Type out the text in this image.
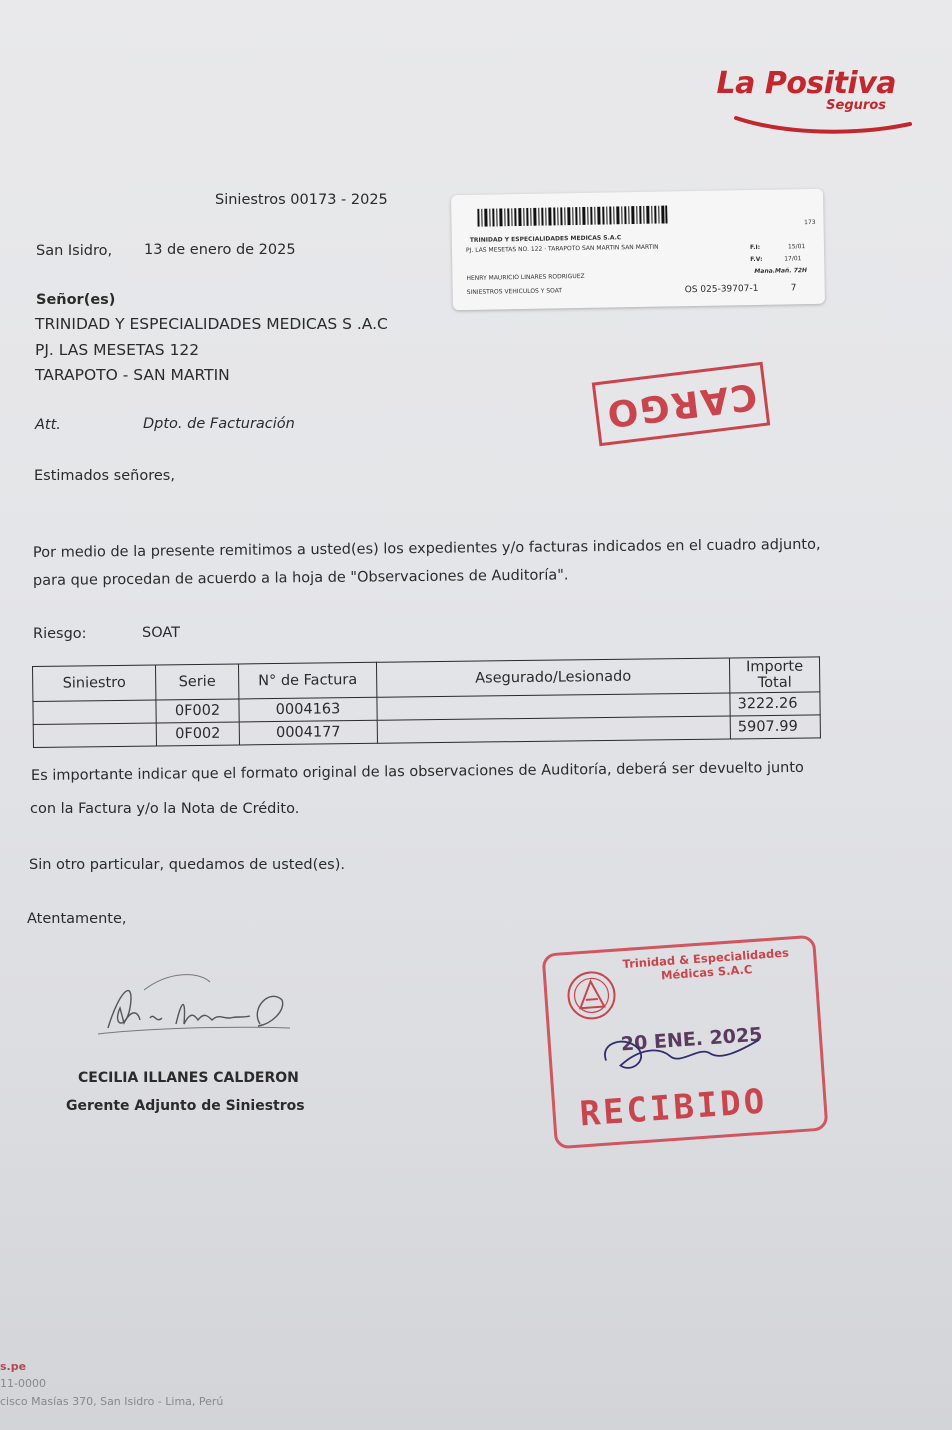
La Positiva
Seguros
Siniestros 00173 - 2025
173
TRINIDAD Y ESPECIALIDADES MEDICAS S.A.C
PJ. LAS MESETAS NO. 122 · TARAPOTO SAN MARTIN SAN MARTIN	F.I:	15/01
F.V:	17/01
Mana.Mañ. 72H
HENRY MAURICIO LINARES RODRIGUEZ
SINIESTROS VEHICULOS Y SOAT	OS 025-39707-1	7
San Isidro, 13 de enero de 2025
Señor(es)
TRINIDAD Y ESPECIALIDADES MEDICAS S .A.C
PJ. LAS MESETAS 122
TARAPOTO - SAN MARTIN
Att.	Dpto. de Facturación	CARGO
Estimados señores,
Por medio de la presente remitimos a usted(es) los expedientes y/o facturas indicados en el cuadro adjunto,
para que procedan de acuerdo a la hoja de "Observaciones de Auditoría".
Riesgo:	SOAT
Siniestro	Serie	N° de Factura	Asegurado/Lesionado	Importe Total
	0F002	0004163		3222.26
	0F002	0004177		5907.99
Es importante indicar que el formato original de las observaciones de Auditoría, deberá ser devuelto junto
con la Factura y/o la Nota de Crédito.
Sin otro particular, quedamos de usted(es).
Atentamente,
CECILIA ILLANES CALDERON
Gerente Adjunto de Siniestros
Trinidad & Especialidades Médicas S.A.C
20 ENE. 2025
RECIBIDO
s.pe
11-0000
cisco Masías 370, San Isidro - Lima, Perú
